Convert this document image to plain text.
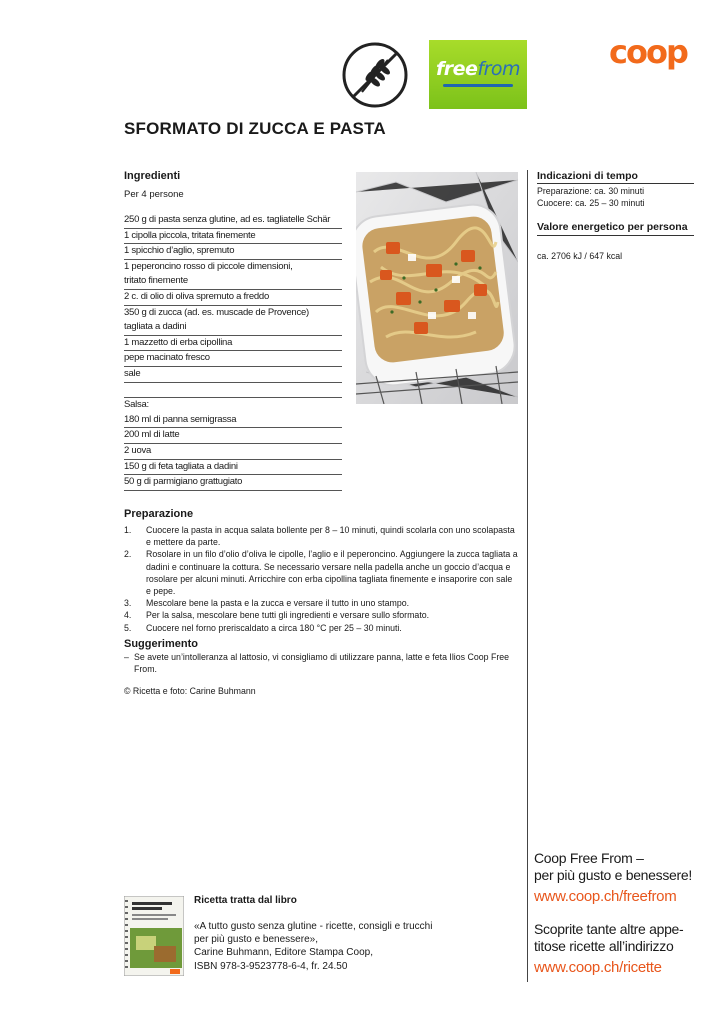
freefrom	coop
SFORMATO DI ZUCCA E PASTA
Ingredienti
Per 4 persone
250 g di pasta senza glutine, ad es. tagliatelle Schär
1 cipolla piccola, tritata finemente
1 spicchio d’aglio, spremuto
1 peperoncino rosso di piccole dimensioni,
tritato finemente
2 c. di olio di oliva spremuto a freddo
350 g di zucca (ad. es. muscade de Provence)
tagliata a dadini
1 mazzetto di erba cipollina
pepe macinato fresco
sale
Salsa:
180 ml di panna semigrassa
200 ml di latte
2 uova
150 g di feta tagliata a dadini
50 g di parmigiano grattugiato
Indicazioni di tempo
Preparazione: ca. 30 minuti
Cuocere: ca. 25 – 30 minuti
Valore energetico per persona
ca. 2706 kJ / 647 kcal
Preparazione
1. Cuocere la pasta in acqua salata bollente per 8 – 10 minuti, quindi scolarla con uno scolapasta e mettere da parte.
2. Rosolare in un filo d’olio d’oliva le cipolle, l’aglio e il peperoncino. Aggiungere la zucca tagliata a dadini e continuare la cottura. Se necessario versare nella padella anche un goccio d’acqua e rosolare per alcuni minuti. Arricchire con erba cipollina tagliata finemente e insaporire con sale e pepe.
3. Mescolare bene la pasta e la zucca e versare il tutto in uno stampo.
4. Per la salsa, mescolare bene tutti gli ingredienti e versare sullo sformato.
5. Cuocere nel forno preriscaldato a circa 180 °C per 25 – 30 minuti.
Suggerimento
– Se avete un’intolleranza al lattosio, vi consigliamo di utilizzare panna, latte e feta Ilios Coop Free From.
© Ricetta e foto: Carine Buhmann
Ricetta tratta dal libro
«A tutto gusto senza glutine - ricette, consigli e trucchi
per più gusto e benessere»,
Carine Buhmann, Editore Stampa Coop,
ISBN 978-3-9523778-6-4, fr. 24.50
Coop Free From –
per più gusto e benessere!
www.coop.ch/freefrom
Scoprite tante altre appe-
titose ricette all’indirizzo
www.coop.ch/ricette
